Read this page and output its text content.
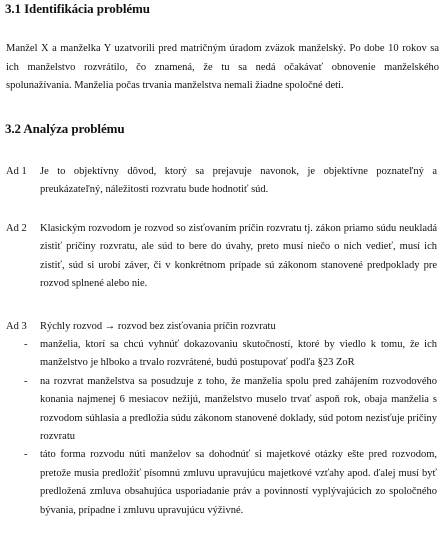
3.1 Identifikácia problému

Manžel X a manželka Y uzatvorili pred matričným úradom zväzok manželský. Po dobe 10 rokov sa ich manželstvo rozvrátilo, čo znamená, že tu sa nedá očakávať obnovenie manželského spolunažívania. Manželia počas trvania manželstva nemali žiadne spoločné deti.

3.2 Analýza problému
Ad 1	Je to objektívny dôvod, ktorý sa prejavuje navonok, je objektívne poznateľný a preukázateľný, náležitosti rozvratu bude hodnotiť súd.
Ad 2	Klasickým rozvodom je rozvod so zisťovaním príčin rozvratu tj. zákon priamo súdu neukladá zistiť príčiny rozvratu, ale súd to bere do úvahy, preto musí niečo o nich vedieť, musí ich zistiť, súd si urobí záver, či v konkrétnom prípade sú zákonom stanovené predpoklady pre rozvod splnené alebo nie.
Ad 3	Rýchly rozvod → rozvod bez zisťovania príčin rozvratu
-	manželia, ktorí sa chcú vyhnúť dokazovaniu skutočností, ktoré by viedlo k tomu, že ich manželstvo je hlboko a trvalo rozvrátené, budú postupovať podľa §23 ZoR
-	na rozvrat manželstva sa posudzuje z toho, že manželia spolu pred zahájením rozvodového konania najmenej 6 mesiacov nežijú, manželstvo muselo trvať aspoň rok, obaja manželia s rozvodom súhlasia a predložia súdu zákonom stanovené doklady, súd potom nezisťuje príčiny rozvratu
-	táto forma rozvodu núti manželov sa dohodnúť si majetkové otázky ešte pred rozvodom, pretože musia predložiť písomnú zmluvu upravujúcu majetkové vzťahy apod. ďalej musí byť predložená zmluva obsahujúca usporiadanie práv a povinností vyplývajúcich zo spoločného bývania, prípadne i zmluvu upravujúcu výživné.
